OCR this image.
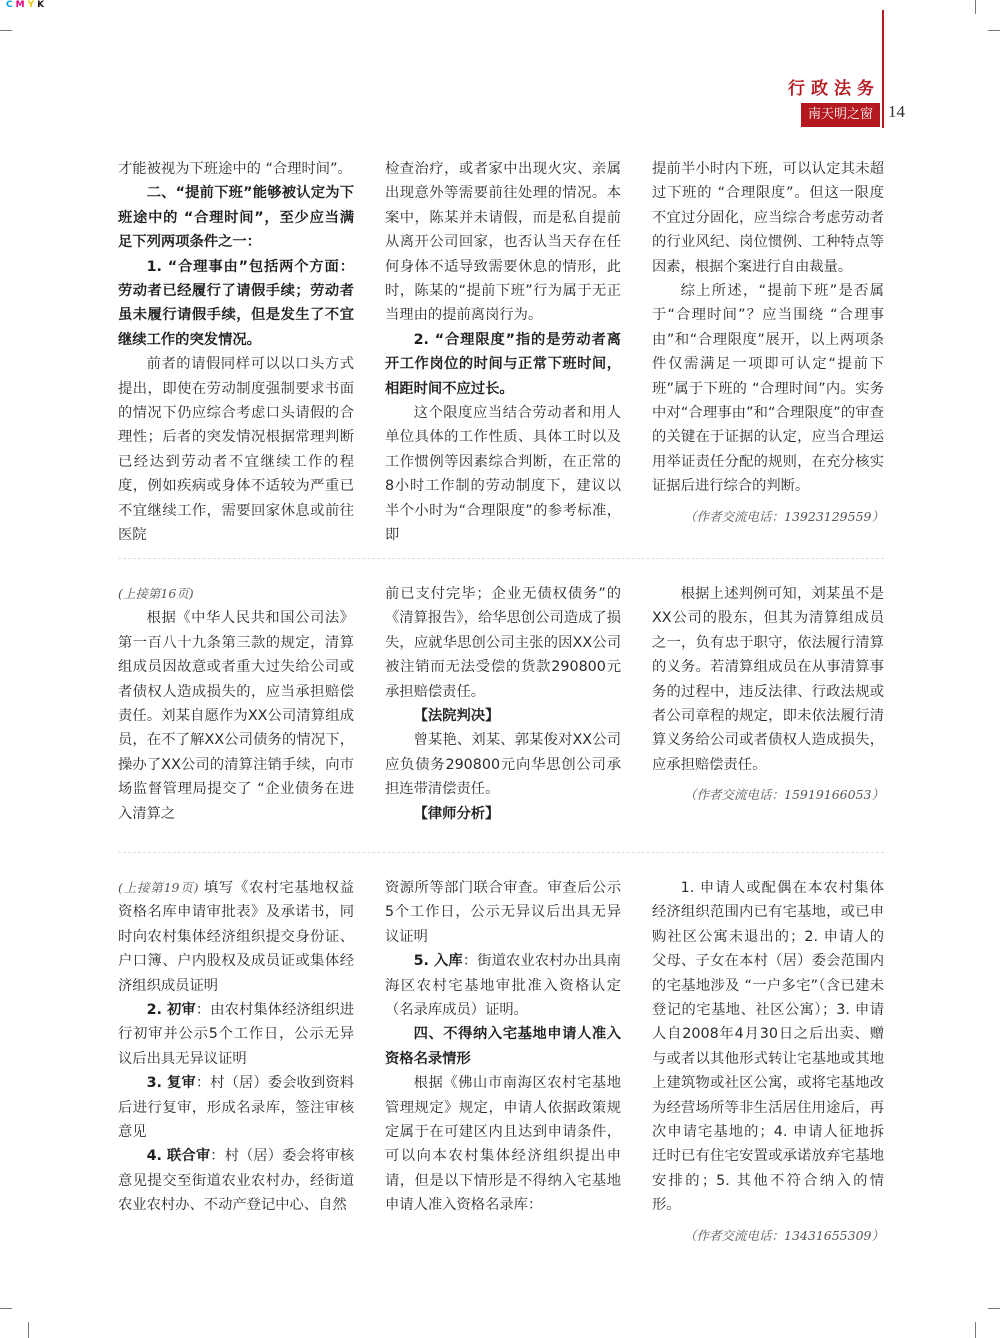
C M Y K
行政法务
南天明之窗 14

才能被视为下班途中的 “合理时间”。

二、“提前下班”能够被认定为下班途中的 “合理时间”，至少应当满足下列两项条件之一：

1. “合理事由”包括两个方面：劳动者已经履行了请假手续；劳动者虽未履行请假手续，但是发生了不宜继续工作的突发情况。

前者的请假同样可以以口头方式提出，即使在劳动制度强制要求书面的情况下仍应综合考虑口头请假的合理性；后者的突发情况根据常理判断已经达到劳动者不宜继续工作的程度，例如疾病或身体不适较为严重已不宜继续工作，需要回家休息或前往医院

检查治疗，或者家中出现火灾、亲属出现意外等需要前往处理的情况。本案中，陈某并未请假，而是私自提前从离开公司回家，也否认当天存在任何身体不适导致需要休息的情形，此时，陈某的“提前下班”行为属于无正当理由的提前离岗行为。

2. “合理限度”指的是劳动者离开工作岗位的时间与正常下班时间，相距时间不应过长。

这个限度应当结合劳动者和用人单位具体的工作性质、具体工时以及工作惯例等因素综合判断，在正常的8小时工作制的劳动制度下，建议以半个小时为“合理限度”的参考标准，即

提前半小时内下班，可以认定其未超过下班的 “合理限度”。但这一限度不宜过分固化，应当综合考虑劳动者的行业风纪、岗位惯例、工种特点等因素，根据个案进行自由裁量。

综上所述，“提前下班”是否属于“合理时间”？应当围绕 “合理事由”和“合理限度”展开，以上两项条件仅需满足一项即可认定“提前下班”属于下班的 “合理时间”内。实务中对“合理事由”和“合理限度”的审查的关键在于证据的认定，应当合理运用举证责任分配的规则，在充分核实证据后进行综合的判断。

（作者交流电话：13923129559）

(上接第16页)

根据《中华人民共和国公司法》第一百八十九条第三款的规定，清算组成员因故意或者重大过失给公司或者债权人造成损失的，应当承担赔偿责任。刘某自愿作为XX公司清算组成员，在不了解XX公司债务的情况下，操办了XX公司的清算注销手续，向市场监督管理局提交了 “企业债务在进入清算之

前已支付完毕；企业无债权债务”的《清算报告》，给华思创公司造成了损失，应就华思创公司主张的因XX公司被注销而无法受偿的货款290800元承担赔偿责任。

【法院判决】

曾某艳、刘某、郭某俊对XX公司应负债务290800元向华思创公司承担连带清偿责任。

【律师分析】

根据上述判例可知，刘某虽不是XX公司的股东，但其为清算组成员之一，负有忠于职守，依法履行清算的义务。若清算组成员在从事清算事务的过程中，违反法律、行政法规或者公司章程的规定，即未依法履行清算义务给公司或者债权人造成损失，应承担赔偿责任。

（作者交流电话：15919166053）

(上接第19页) 填写《农村宅基地权益资格名库申请审批表》及承诺书，同时向农村集体经济组织提交身份证、户口簿、户内股权及成员证或集体经济组织成员证明

2. 初审：由农村集体经济组织进行初审并公示5个工作日，公示无异议后出具无异议证明

3. 复审：村（居）委会收到资料后进行复审，形成名录库，签注审核意见

4. 联合审：村（居）委会将审核意见提交至街道农业农村办，经街道农业农村办、不动产登记中心、自然

资源所等部门联合审查。审查后公示5个工作日，公示无异议后出具无异议证明

5. 入库：街道农业农村办出具南海区农村宅基地审批准入资格认定（名录库成员）证明。

四、不得纳入宅基地申请人准入资格名录情形

根据《佛山市南海区农村宅基地管理规定》规定，申请人依据政策规定属于在可建区内且达到申请条件，可以向本农村集体经济组织提出申请，但是以下情形是不得纳入宅基地申请人准入资格名录库：

1. 申请人或配偶在本农村集体经济组织范围内已有宅基地，或已申购社区公寓未退出的；2. 申请人的父母、子女在本村（居）委会范围内的宅基地涉及 “一户多宅”（含已建未登记的宅基地、社区公寓）；3. 申请人自2008年4月30日之后出卖、赠与或者以其他形式转让宅基地或其地上建筑物或社区公寓，或将宅基地改为经营场所等非生活居住用途后，再次申请宅基地的；4. 申请人征地拆迁时已有住宅安置或承诺放弃宅基地安排的；5. 其他不符合纳入的情形。

（作者交流电话：13431655309）
